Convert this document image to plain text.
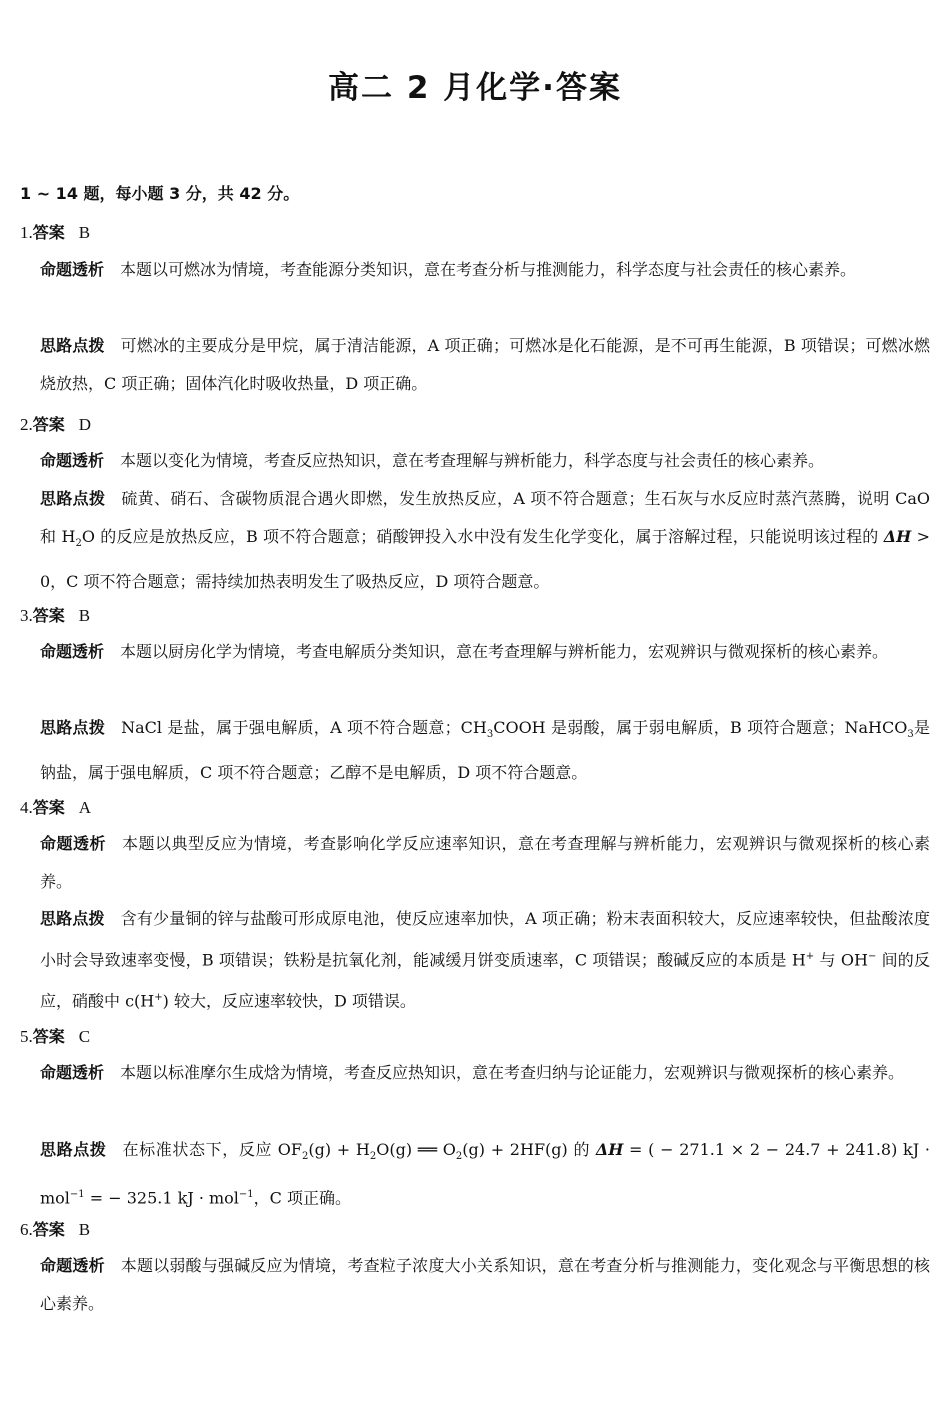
高二 2 月化学·答案
1 ~ 14 题，每小题 3 分，共 42 分。
1.答案 B
命题透析 本题以可燃冰为情境，考查能源分类知识，意在考查分析与推测能力，科学态度与社会责任的核心素养。
思路点拨 可燃冰的主要成分是甲烷，属于清洁能源，A 项正确；可燃冰是化石能源，是不可再生能源，B 项错误；可燃冰燃烧放热，C 项正确；固体汽化时吸收热量，D 项正确。
2.答案 D
命题透析 本题以变化为情境，考查反应热知识，意在考查理解与辨析能力，科学态度与社会责任的核心素养。
思路点拨 硫黄、硝石、含碳物质混合遇火即燃，发生放热反应，A 项不符合题意；生石灰与水反应时蒸汽蒸腾，说明 CaO 和 $H_2O$ 的反应是放热反应，B 项不符合题意；硝酸钾投入水中没有发生化学变化，属于溶解过程，只能说明该过程的 ΔH > 0，C 项不符合题意；需持续加热表明发生了吸热反应，D 项符合题意。
3.答案 B
命题透析 本题以厨房化学为情境，考查电解质分类知识，意在考查理解与辨析能力，宏观辨识与微观探析的核心素养。
思路点拨 NaCl 是盐，属于强电解质，A 项不符合题意；$CH_3COOH$ 是弱酸，属于弱电解质，B 项符合题意；NaHCO$_3$是钠盐，属于强电解质，C 项不符合题意；乙醇不是电解质，D 项不符合题意。
4.答案 A
命题透析 本题以典型反应为情境，考查影响化学反应速率知识，意在考查理解与辨析能力，宏观辨识与微观探析的核心素养。
思路点拨 含有少量铜的锌与盐酸可形成原电池，使反应速率加快，A 项正确；粉末表面积较大，反应速率较快，但盐酸浓度小时会导致速率变慢，B 项错误；铁粉是抗氧化剂，能减缓月饼变质速率，C 项错误；酸碱反应的本质是 H+ 与 OH− 间的反应，硝酸中 c(H+) 较大，反应速率较快，D 项错误。
5.答案 C
命题透析 本题以标准摩尔生成焓为情境，考查反应热知识，意在考查归纳与论证能力，宏观辨识与微观探析的核心素养。
思路点拨 在标准状态下，反应 $OF_2(g) + H_2O(g)$ ══ $O_2(g) + 2HF(g)$ 的 ΔH = ( − 271.1 × 2 − 24.7 + 241.8) kJ · mol$^{-1}$ = − 325.1 kJ · mol$^{-1}$，C 项正确。
6.答案 B
命题透析 本题以弱酸与强碱反应为情境，考查粒子浓度大小关系知识，意在考查分析与推测能力，变化观念与平衡思想的核心素养。
